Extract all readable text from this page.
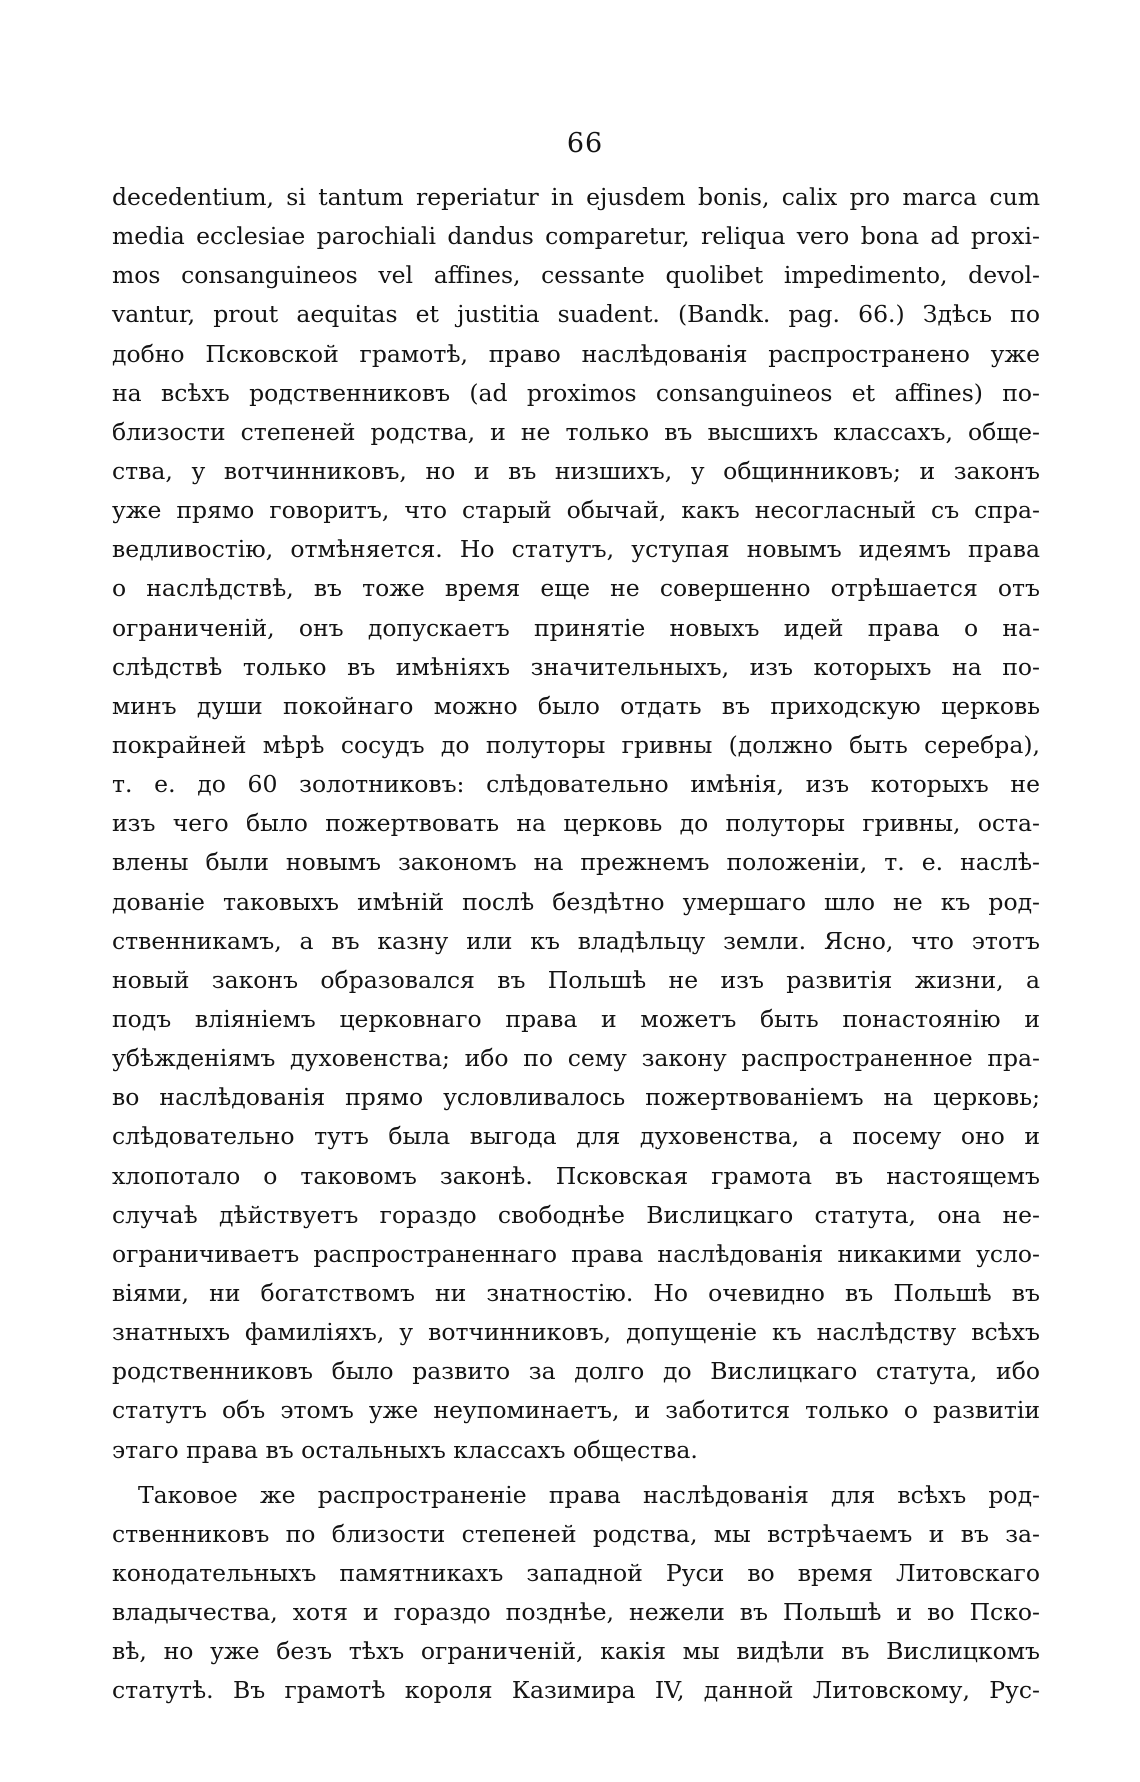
66
decedentium, si tantum reperiatur in ejusdem bonis, calix pro marca cum
media ecclesiae parochiali dandus comparetur, reliqua vero bona ad proxi-
mos consanguineos vel affines, cessante quolibet impedimento, devol-
vantur, prout aequitas et justitia suadent. (Bandk. pag. 66.) Здѣсь по
добно Псковской грамотѣ, право наслѣдованія распространено уже
на всѣхъ родственниковъ (ad proximos consanguineos et affines) по-
близости степеней родства, и не только въ высшихъ классахъ, обще-
ства, у вотчинниковъ, но и въ низшихъ, у общинниковъ; и законъ
уже прямо говоритъ, что старый обычай, какъ несогласный съ спра-
ведливостію, отмѣняется. Но статутъ, уступая новымъ идеямъ права
о наслѣдствѣ, въ тоже время еще не совершенно отрѣшается отъ
ограниченій, онъ допускаетъ принятіе новыхъ идей права о на-
слѣдствѣ только въ имѣніяхъ значительныхъ, изъ которыхъ на по-
минъ души покойнаго можно было отдать въ приходскую церковь
покрайней мѣрѣ сосудъ до полуторы гривны (должно быть серебра),
т. е. до 60 золотниковъ: слѣдовательно имѣнія, изъ которыхъ не
изъ чего было пожертвовать на церковь до полуторы гривны, оста-
влены были новымъ закономъ на прежнемъ положеніи, т. е. наслѣ-
дованіе таковыхъ имѣній послѣ бездѣтно умершаго шло не къ род-
ственникамъ, а въ казну или къ владѣльцу земли. Ясно, что этотъ
новый законъ образовался въ Польшѣ не изъ развитія жизни, а
подъ вліяніемъ церковнаго права и можетъ быть понастоянію и
убѣжденіямъ духовенства; ибо по сему закону распространенное пра-
во наслѣдованія прямо условливалось пожертвованіемъ на церковь;
слѣдовательно тутъ была выгода для духовенства, а посему оно и
хлопотало о таковомъ законѣ. Псковская грамота въ настоящемъ
случаѣ дѣйствуетъ гораздо свободнѣе Вислицкаго статута, она не-
ограничиваетъ распространеннаго права наслѣдованія никакими усло-
віями, ни богатствомъ ни знатностію. Но очевидно въ Польшѣ въ
знатныхъ фамиліяхъ, у вотчинниковъ, допущеніе къ наслѣдству всѣхъ
родственниковъ было развито за долго до Вислицкаго статута, ибо
статутъ объ этомъ уже неупоминаетъ, и заботится только о развитіи
этаго права въ остальныхъ классахъ общества.
Таковое же распространеніе права наслѣдованія для всѣхъ род-
ственниковъ по близости степеней родства, мы встрѣчаемъ и въ за-
конодательныхъ памятникахъ западной Руси во время Литовскаго
владычества, хотя и гораздо позднѣе, нежели въ Польшѣ и во Пско-
вѣ, но уже безъ тѣхъ ограниченій, какія мы видѣли въ Вислицкомъ
статутѣ. Въ грамотѣ короля Казимира IV, данной Литовскому, Рус-
